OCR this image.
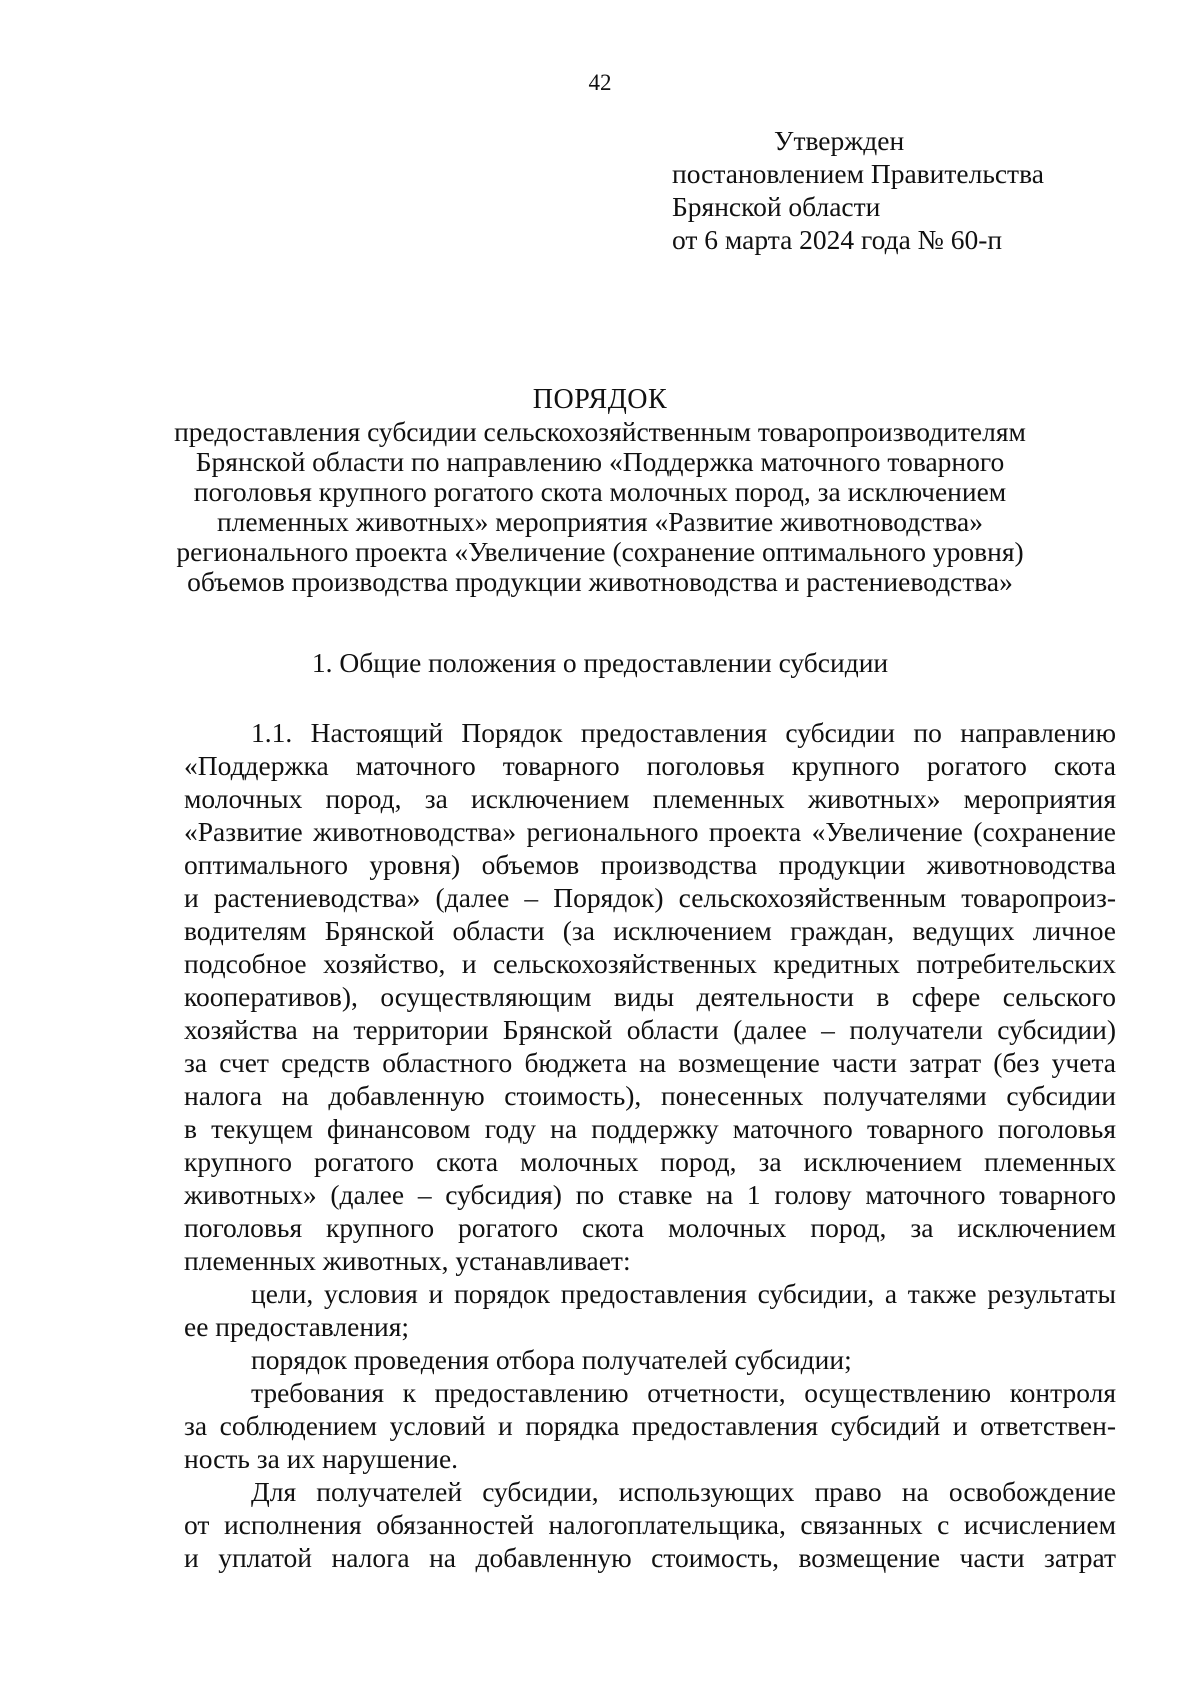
42
Утвержден
постановлением Правительства
Брянской области
от 6 марта 2024 года № 60-п
ПОРЯДОК
предоставления субсидии сельскохозяйственным товаропроизводителям
Брянской области по направлению «Поддержка маточного товарного
поголовья крупного рогатого скота молочных пород, за исключением
племенных животных» мероприятия «Развитие животноводства»
регионального проекта «Увеличение (сохранение оптимального уровня)
объемов производства продукции животноводства и растениеводства»
1. Общие положения о предоставлении субсидии
1.1. Настоящий Порядок предоставления субсидии по направлению
«Поддержка маточного товарного поголовья крупного рогатого скота
молочных пород, за исключением племенных животных» мероприятия
«Развитие животноводства» регионального проекта «Увеличение (сохранение
оптимального уровня) объемов производства продукции животноводства
и растениеводства» (далее – Порядок) сельскохозяйственным товаропроиз-
водителям Брянской области (за исключением граждан, ведущих личное
подсобное хозяйство, и сельскохозяйственных кредитных потребительских
кооперативов), осуществляющим виды деятельности в сфере сельского
хозяйства на территории Брянской области (далее – получатели субсидии)
за счет средств областного бюджета на возмещение части затрат (без учета
налога на добавленную стоимость), понесенных получателями субсидии
в текущем финансовом году на поддержку маточного товарного поголовья
крупного рогатого скота молочных пород, за исключением племенных
животных» (далее – субсидия) по ставке на 1 голову маточного товарного
поголовья крупного рогатого скота молочных пород, за исключением
племенных животных, устанавливает:
цели, условия и порядок предоставления субсидии, а также результаты
ее предоставления;
порядок проведения отбора получателей субсидии;
требования к предоставлению отчетности, осуществлению контроля
за соблюдением условий и порядка предоставления субсидий и ответствен-
ность за их нарушение.
Для получателей субсидии, использующих право на освобождение
от исполнения обязанностей налогоплательщика, связанных с исчислением
и уплатой налога на добавленную стоимость, возмещение части затрат
